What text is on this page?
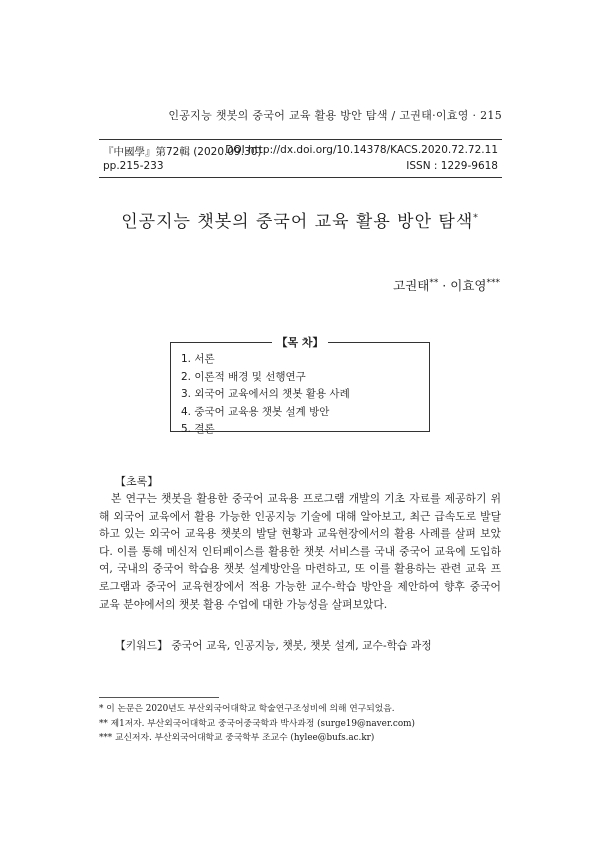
인공지능 챗봇의 중국어 교육 활용 방안 탐색 / 고권태·이효영 · 215
『中國學』第72輯 (2020.09.30)
DOI http://dx.doi.org/10.14378/KACS.2020.72.72.11
pp.215-233	ISSN : 1229-9618
인공지능 챗봇의 중국어 교육 활용 방안 탐색*
고권태** · 이효영***
【목 차】
1. 서론
2. 이론적 배경 및 선행연구
3. 외국어 교육에서의 챗봇 활용 사례
4. 중국어 교육용 챗봇 설계 방안
5. 결론
【초록】

본 연구는 챗봇을 활용한 중국어 교육용 프로그램 개발의 기초 자료를 제공하기 위해 외국어 교육에서 활용 가능한 인공지능 기술에 대해 알아보고, 최근 급속도로 발달하고 있는 외국어 교육용 챗봇의 발달 현황과 교육현장에서의 활용 사례를 살펴 보았다. 이를 통해 메신저 인터페이스를 활용한 챗봇 서비스를 국내 중국어 교육에 도입하여, 국내의 중국어 학습용 챗봇 설계방안을 마련하고, 또 이를 활용하는 관련 교육 프로그램과 중국어 교육현장에서 적용 가능한 교수-학습 방안을 제안하여 향후 중국어 교육 분야에서의 챗봇 활용 수업에 대한 가능성을 살펴보았다.

【키워드】 중국어 교육, 인공지능, 챗봇, 챗봇 설계, 교수-학습 과정
* 이 논문은 2020년도 부산외국어대학교 학술연구조성비에 의해 연구되었음.
** 제1저자. 부산외국어대학교 중국어중국학과 박사과정 (surge19@naver.com)
*** 교신저자. 부산외국어대학교 중국학부 조교수 (hylee@bufs.ac.kr)
